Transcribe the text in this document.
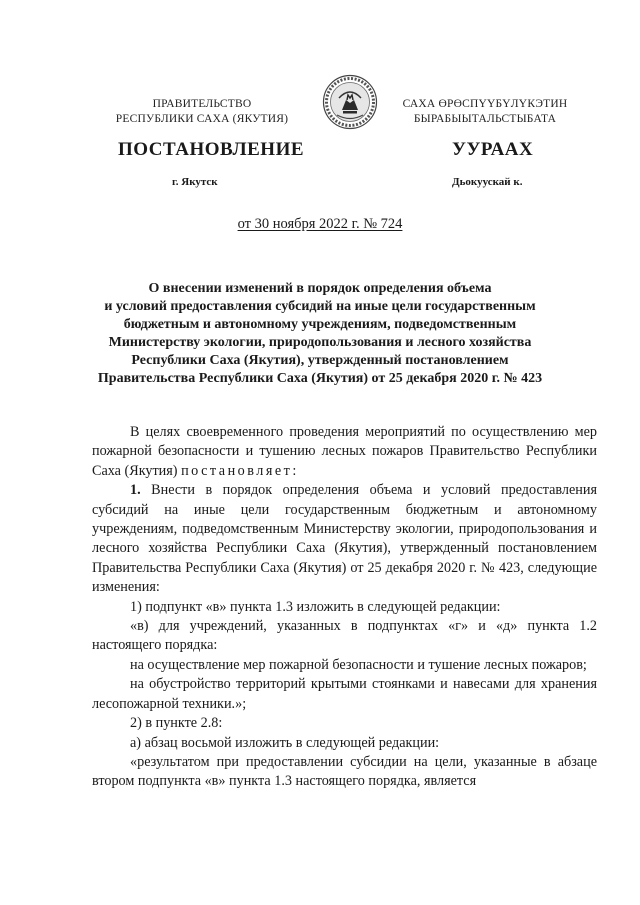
ПРАВИТЕЛЬСТВО
РЕСПУБЛИКИ САХА (ЯКУТИЯ)
САХА ӨРӨСПҮҮБҮЛҮКЭТИН
БЫРАБЫЫТАЛЬСТЫБАТА
ПОСТАНОВЛЕНИЕ	УУРААХ
г. Якутск	Дьокуускай к.
от 30 ноября 2022 г. № 724
О внесении изменений в порядок определения объема
и условий предоставления субсидий на иные цели государственным
бюджетным и автономному учреждениям, подведомственным
Министерству экологии, природопользования и лесного хозяйства
Республики Саха (Якутия), утвержденный постановлением
Правительства Республики Саха (Якутия) от 25 декабря 2020 г. № 423

В целях своевременного проведения мероприятий по осуществлению мер пожарной безопасности и тушению лесных пожаров Правительство Республики Саха (Якутия) постановляет:

1. Внести в порядок определения объема и условий предоставления субсидий на иные цели государственным бюджетным и автономному учреждениям, подведомственным Министерству экологии, природопользования и лесного хозяйства Республики Саха (Якутия), утвержденный постановлением Правительства Республики Саха (Якутия) от 25 декабря 2020 г. № 423, следующие изменения:

1) подпункт «в» пункта 1.3 изложить в следующей редакции:

«в) для учреждений, указанных в подпунктах «г» и «д» пункта 1.2 настоящего порядка:

на осуществление мер пожарной безопасности и тушение лесных пожаров;

на обустройство территорий крытыми стоянками и навесами для хранения лесопожарной техники.»;

2) в пункте 2.8:

а) абзац восьмой изложить в следующей редакции:

«результатом при предоставлении субсидии на цели, указанные в абзаце втором подпункта «в» пункта 1.3 настоящего порядка, является
